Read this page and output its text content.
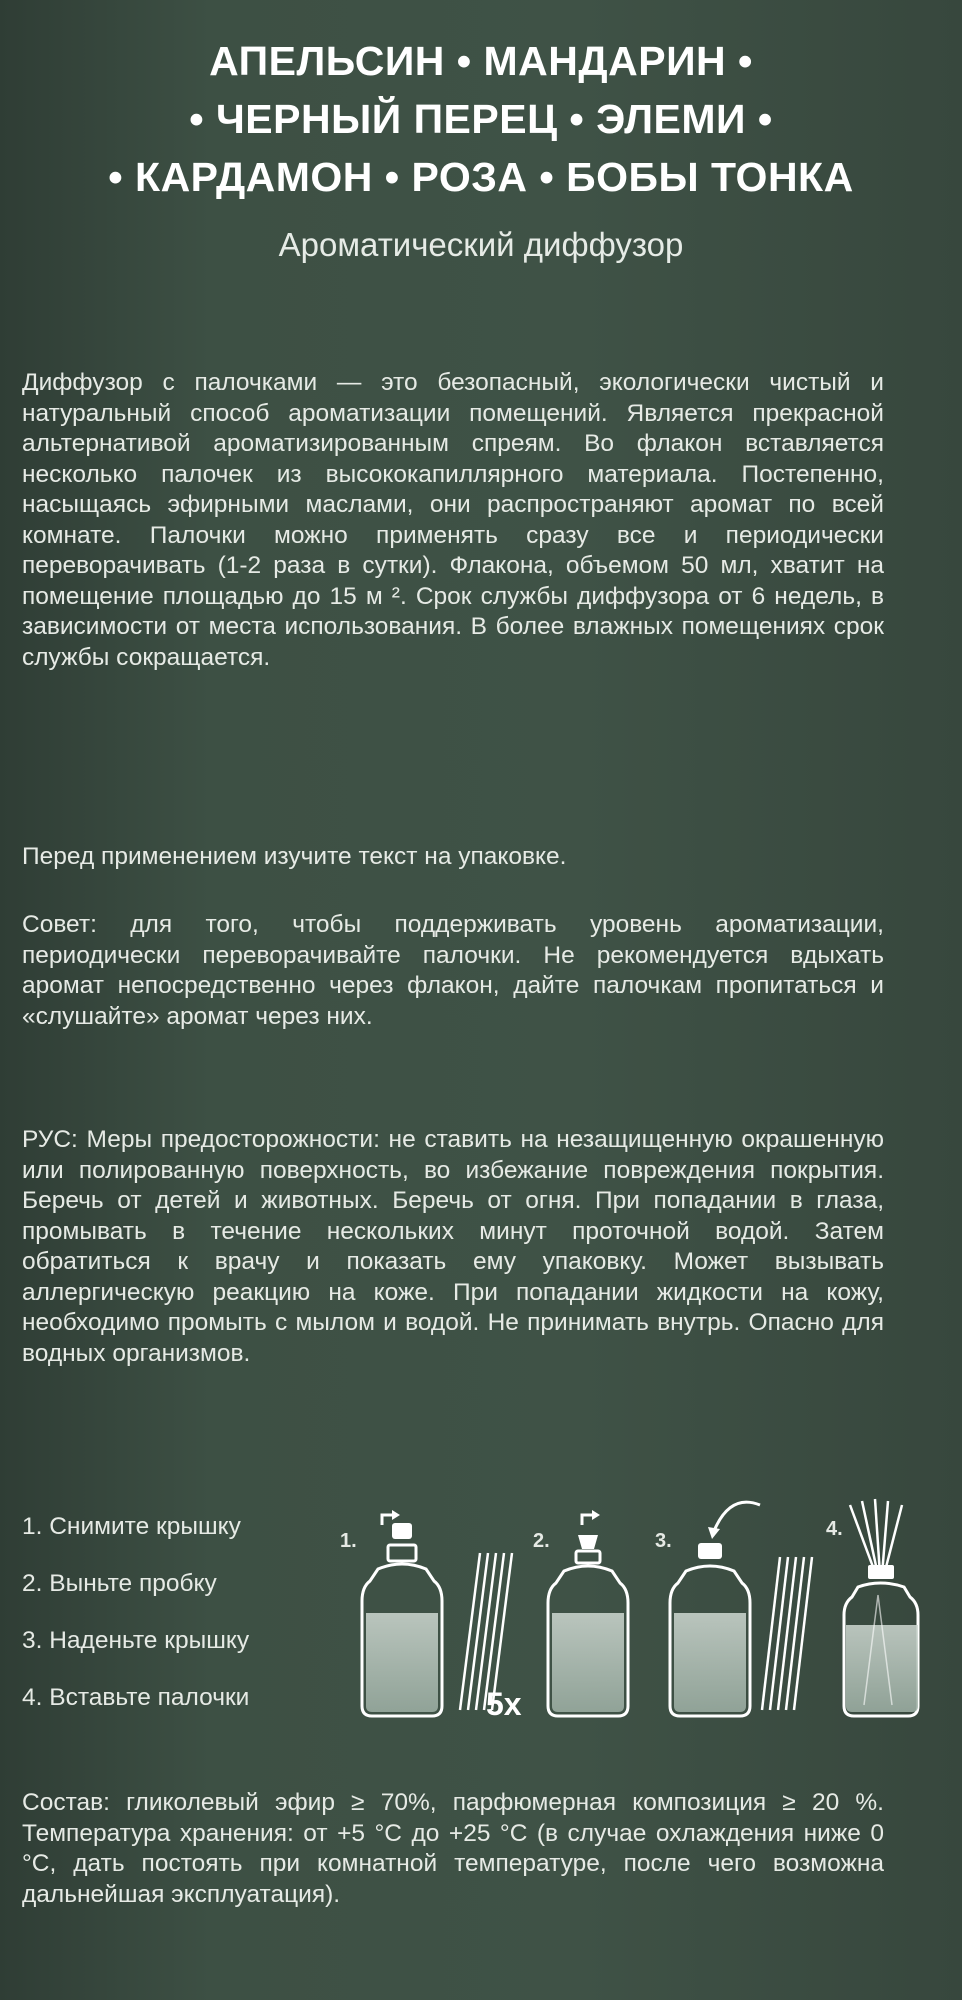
АПЕЛЬСИН • МАНДАРИН •
• ЧЕРНЫЙ ПЕРЕЦ • ЭЛЕМИ •
• КАРДАМОН • РОЗА • БОБЫ ТОНКА
Ароматический диффузор

Диффузор с палочками — это безопасный, экологически чистый и натуральный способ ароматизации помещений. Является прекрасной альтернативой ароматизированным спреям. Во флакон вставляется несколько палочек из высококапиллярного материала. Постепенно, насыщаясь эфирными маслами, они распространяют аромат по всей комнате. Палочки можно применять сразу все и периодически переворачивать (1-2 раза в сутки). Флакона, объемом 50 мл, хватит на помещение площадью до 15 м ². Срок службы диффузора от 6 недель, в зависимости от места использования. В более влажных помещениях срок службы сокращается.

Перед применением изучите текст на упаковке.

Совет: для того, чтобы поддерживать уровень ароматизации, периодически переворачивайте палочки. Не рекомендуется вдыхать аромат непосредственно через флакон, дайте палочкам пропитаться и «слушайте» аромат через них.

РУС: Меры предосторожности: не ставить на незащищенную окрашенную или полированную поверхность, во избежание повреждения покрытия. Беречь от детей и животных. Беречь от огня. При попадании в глаза, промывать в течение нескольких минут проточной водой. Затем обратиться к врачу и показать ему упаковку. Может вызывать аллергическую реакцию на коже. При попадании жидкости на кожу, необходимо промыть с мылом и водой. Не принимать внутрь. Опасно для водных организмов.

1. Снимите крышку
2. Выньте пробку
3. Наденьте крышку
4. Вставьте палочки
1.
5x
2.	3.
4.

Состав: гликолевый эфир ≥ 70%, парфюмерная композиция ≥ 20 %. Температура хранения: от +5 °C до +25 °C (в случае охлаждения ниже 0 °C, дать постоять при комнатной температуре, после чего возможна дальнейшая эксплуатация).
